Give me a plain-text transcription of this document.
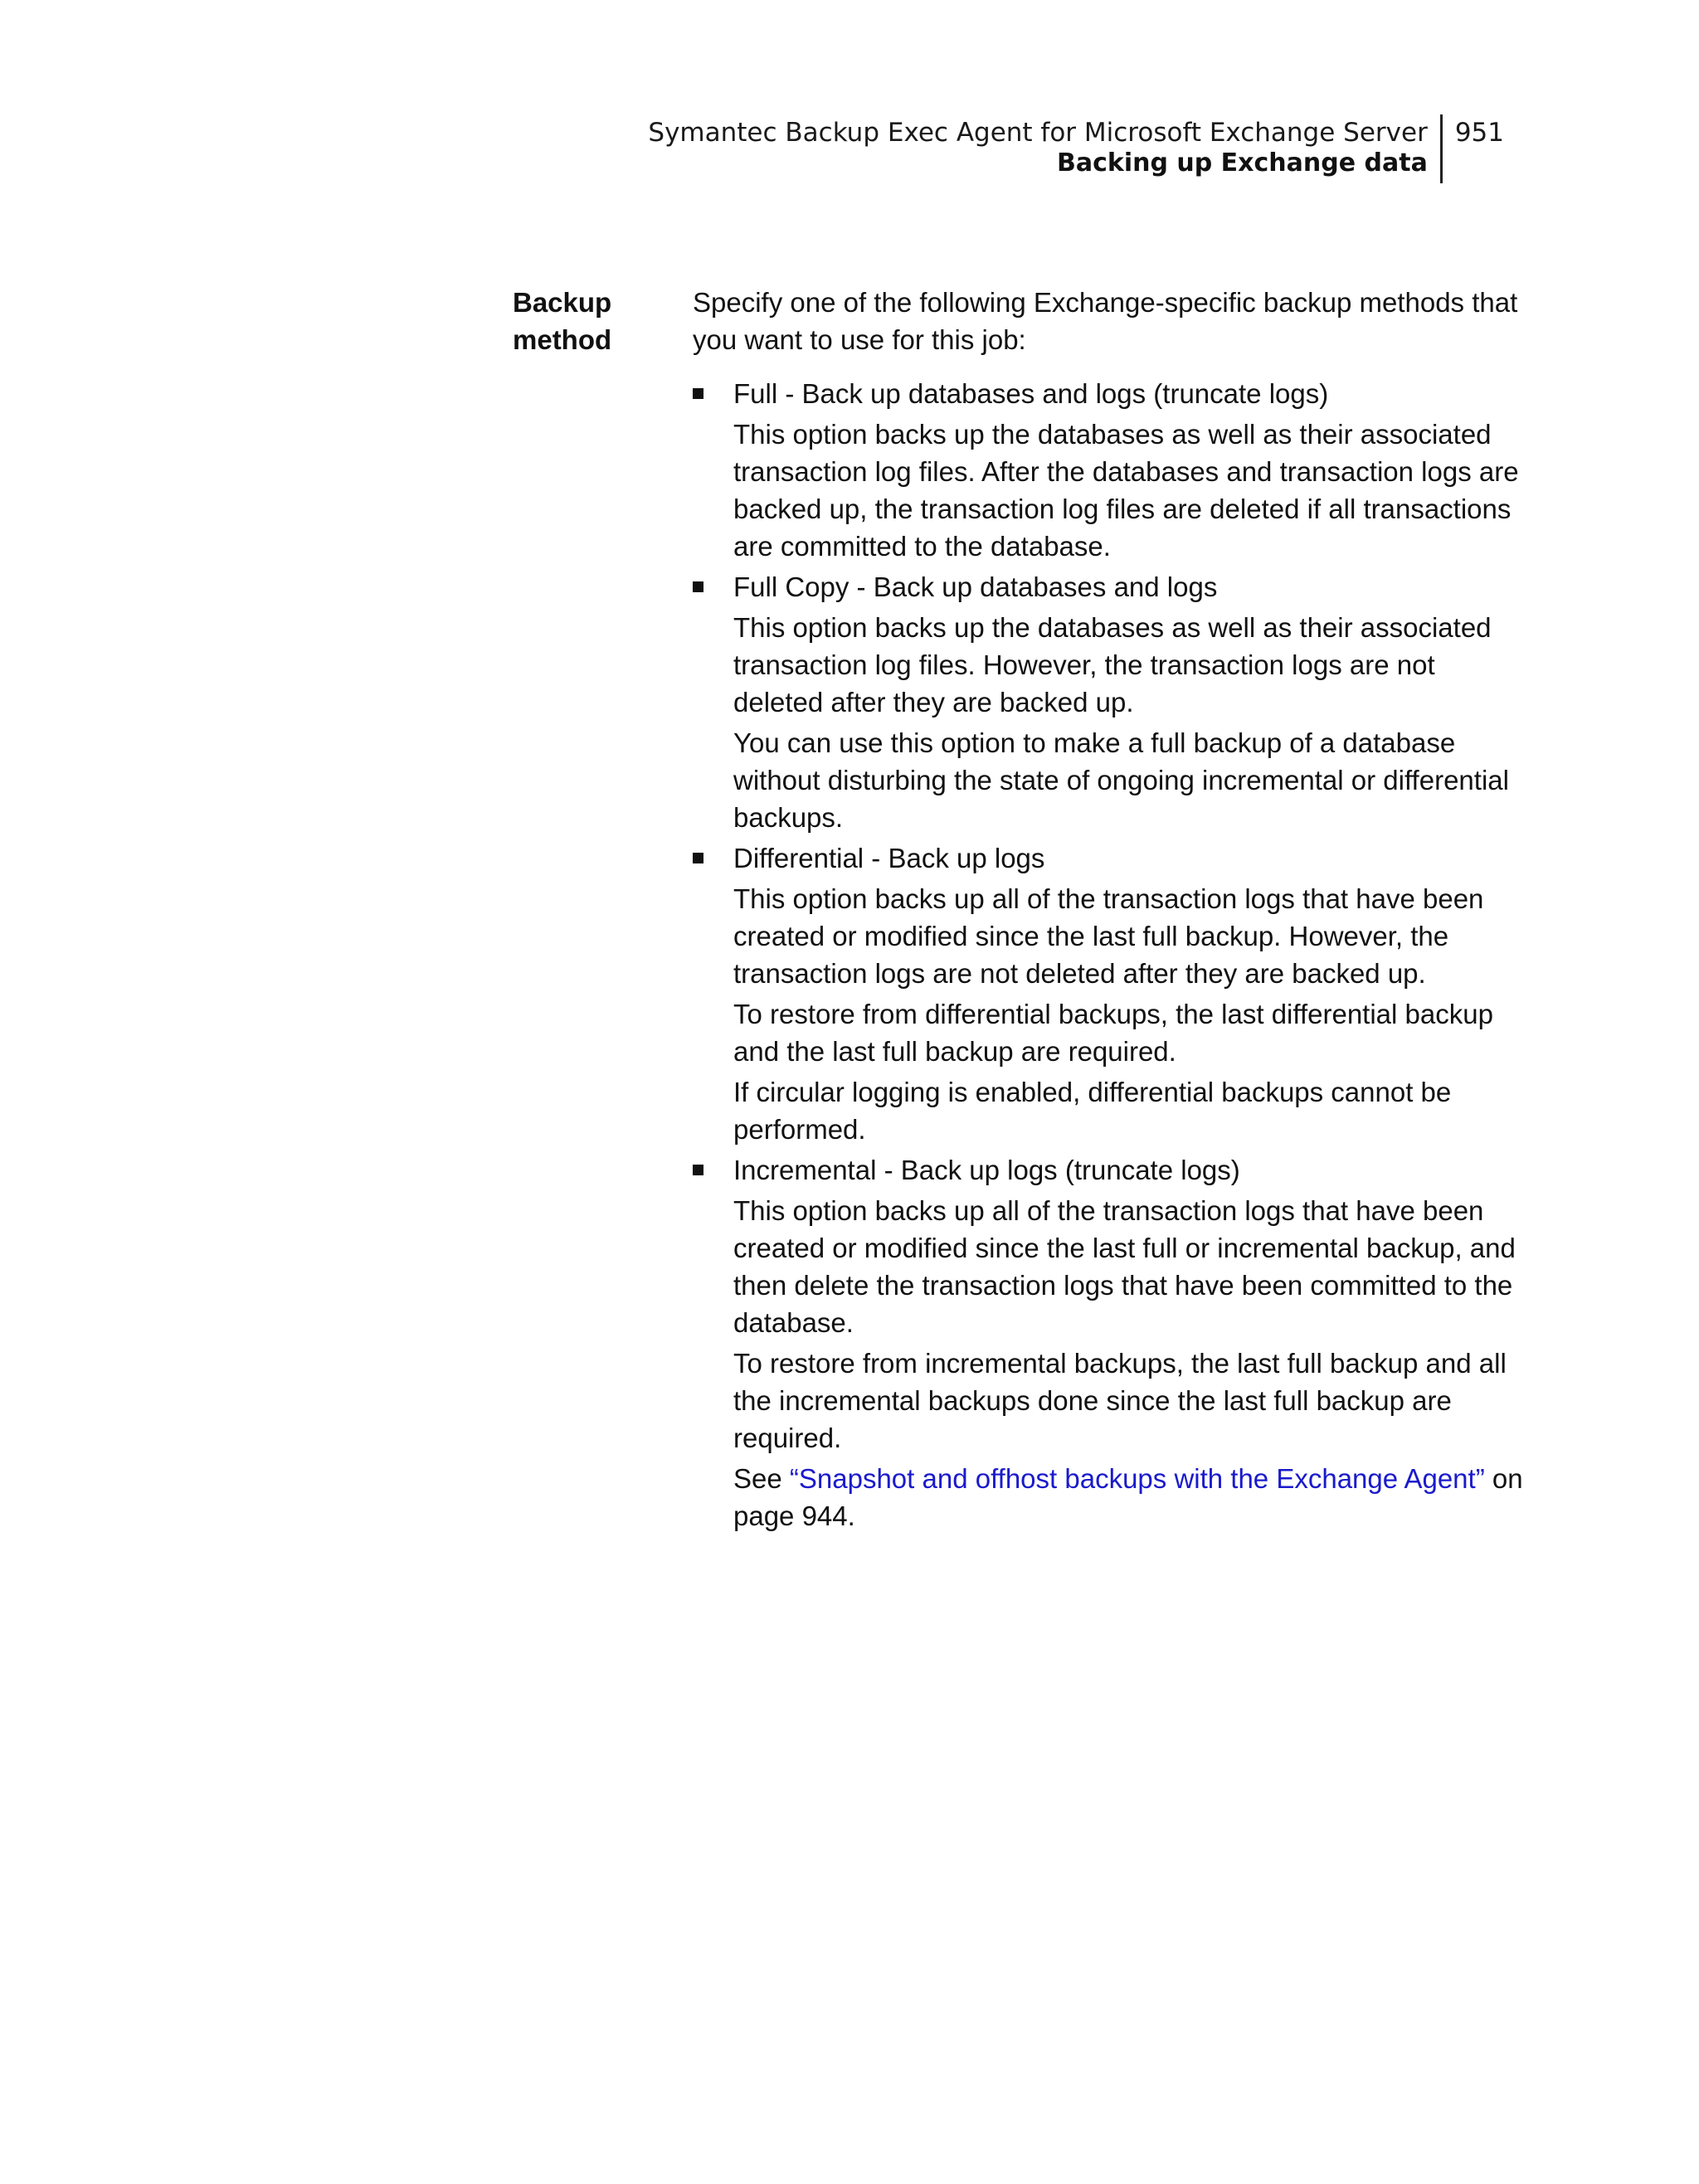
Symantec Backup Exec Agent for Microsoft Exchange Server
Backing up Exchange data
951
Backup
method

Specify one of the following Exchange-specific backup methods that you want to use for this job:

Full - Back up databases and logs (truncate logs)

This option backs up the databases as well as their associated transaction log files. After the databases and transaction logs are backed up, the transaction log files are deleted if all transactions are committed to the database.

Full Copy - Back up databases and logs

This option backs up the databases as well as their associated transaction log files. However, the transaction logs are not deleted after they are backed up.

You can use this option to make a full backup of a database without disturbing the state of ongoing incremental or differential backups.

Differential - Back up logs

This option backs up all of the transaction logs that have been created or modified since the last full backup. However, the transaction logs are not deleted after they are backed up.

To restore from differential backups, the last differential backup and the last full backup are required.

If circular logging is enabled, differential backups cannot be performed.

Incremental - Back up logs (truncate logs)

This option backs up all of the transaction logs that have been created or modified since the last full or incremental backup, and then delete the transaction logs that have been committed to the database.

To restore from incremental backups, the last full backup and all the incremental backups done since the last full backup are required.

See “Snapshot and offhost backups with the Exchange Agent” on page 944.
